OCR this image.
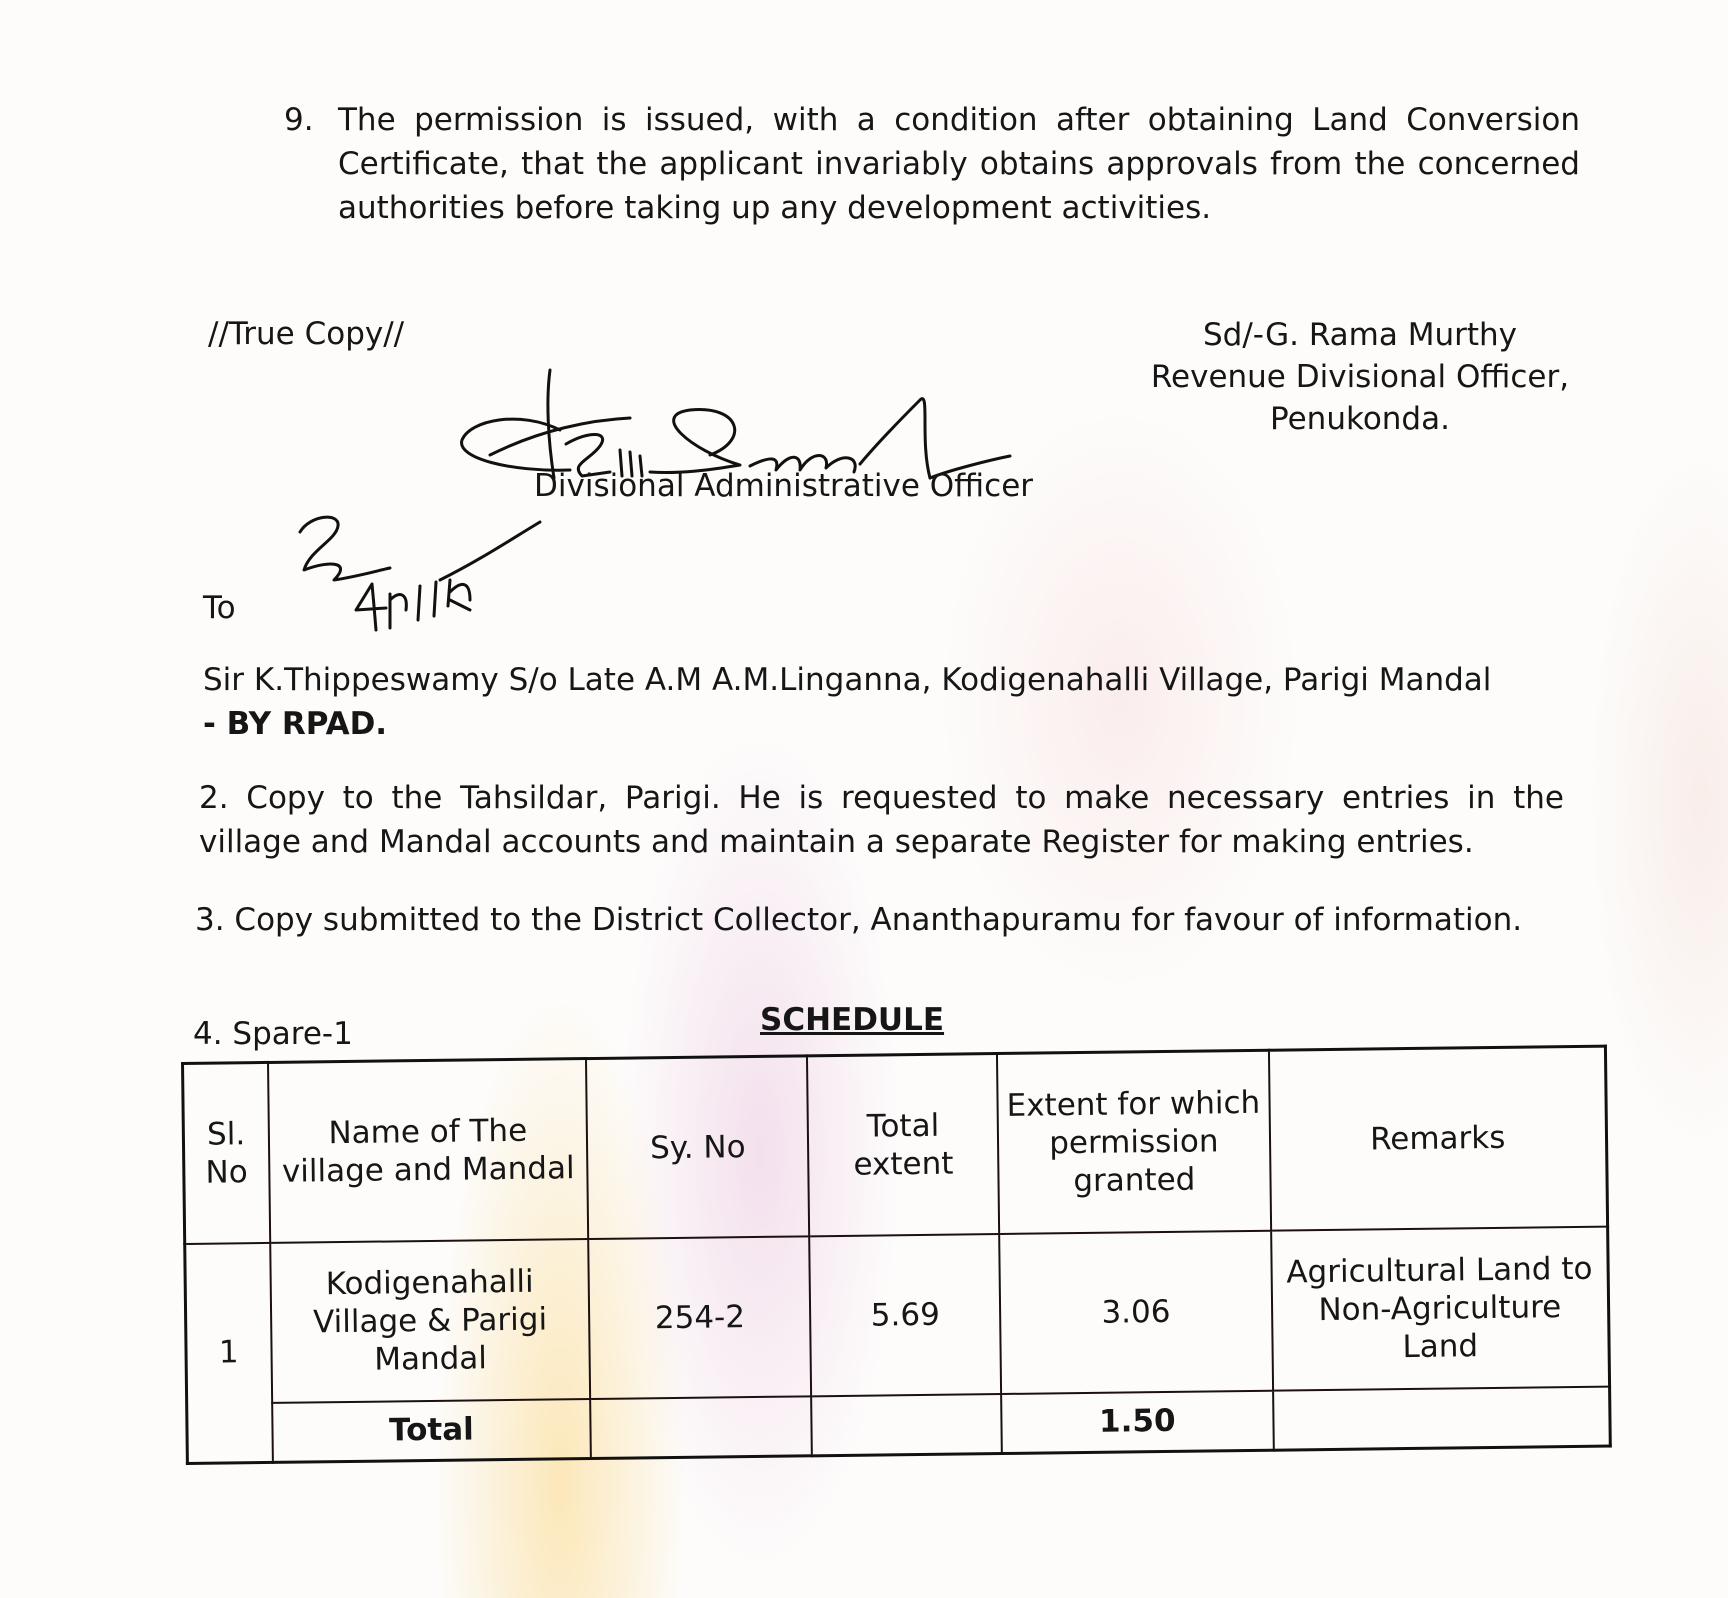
9. The permission is issued, with a condition after obtaining Land Conversion Certificate, that the applicant invariably obtains approvals from the concerned authorities before taking up any development activities.
//True Copy//	Sd/-G. Rama Murthy
Revenue Divisional Officer,
Penukonda.
Divisional Administrative Officer
To
Sir K.Thippeswamy S/o Late A.M A.M.Linganna, Kodigenahalli Village, Parigi Mandal
- BY RPAD.
2. Copy to the Tahsildar, Parigi. He is requested to make necessary entries in the village and Mandal accounts and maintain a separate Register for making entries.
3. Copy submitted to the District Collector, Ananthapuramu for favour of information.
4. Spare-1	SCHEDULE
Sl. No	Name of The village and Mandal	Sy. No	Total extent	Extent for which permission granted	Remarks
1	Kodigenahalli Village & Parigi Mandal	254-2	5.69	3.06	Agricultural Land to Non-Agriculture Land
	Total			1.50	
